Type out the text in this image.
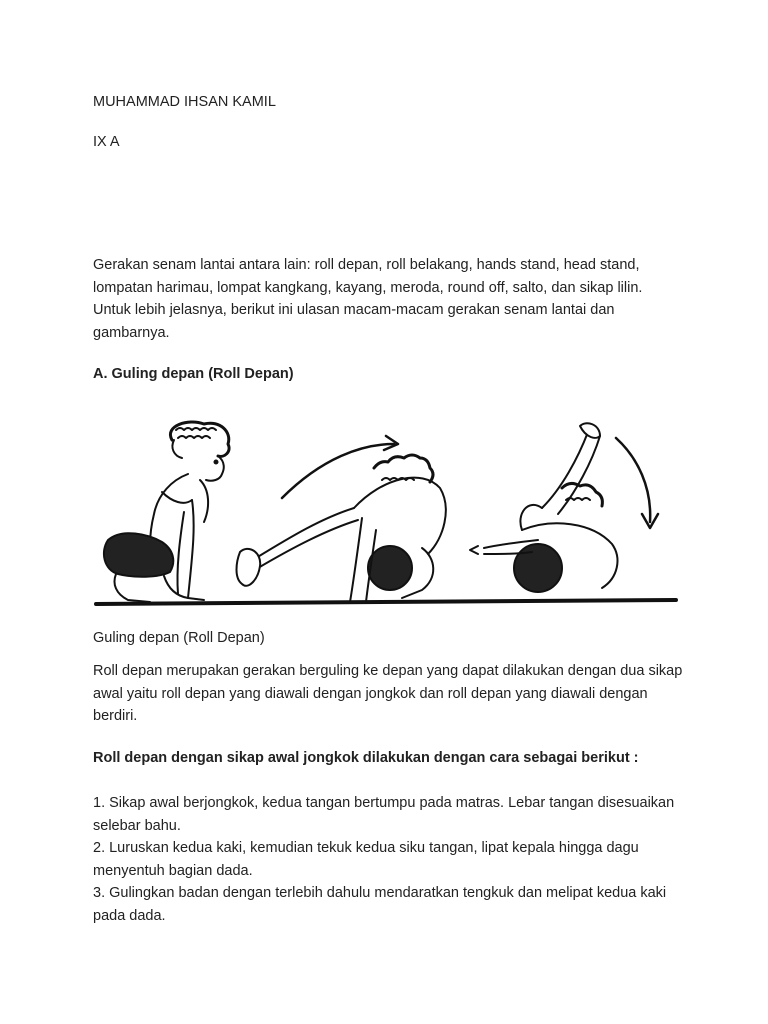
MUHAMMAD IHSAN KAMIL
IX A

Gerakan senam lantai antara lain: roll depan, roll belakang, hands stand, head stand, lompatan harimau, lompat kangkang, kayang, meroda, round off, salto, dan sikap lilin. Untuk lebih jelasnya, berikut ini ulasan macam-macam gerakan senam lantai dan gambarnya.

A. Guling depan (Roll Depan)
Guling depan (Roll Depan)

Roll depan merupakan gerakan berguling ke depan yang dapat dilakukan dengan dua sikap awal yaitu roll depan yang diawali dengan jongkok dan roll depan yang diawali dengan berdiri.

Roll depan dengan sikap awal jongkok dilakukan dengan cara sebagai berikut :

1. Sikap awal berjongkok, kedua tangan bertumpu pada matras. Lebar tangan disesuaikan selebar bahu.
2. Luruskan kedua kaki, kemudian tekuk kedua siku tangan, lipat kepala hingga dagu menyentuh bagian dada.
3. Gulingkan badan dengan terlebih dahulu mendaratkan tengkuk dan melipat kedua kaki pada dada.
